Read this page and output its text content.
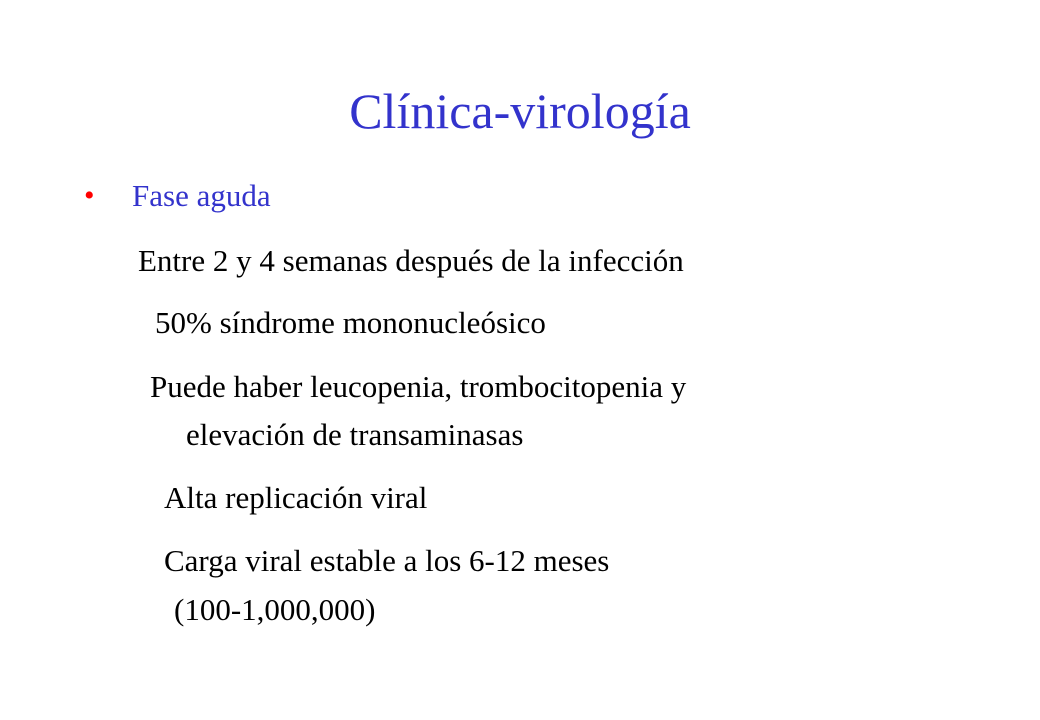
Clínica-virología
• Fase aguda
Entre 2 y 4 semanas después de la infección
50% síndrome mononucleósico
Puede haber leucopenia, trombocitopenia y
elevación de transaminasas
Alta replicación viral
Carga viral estable a los 6-12 meses
(100-1,000,000)
